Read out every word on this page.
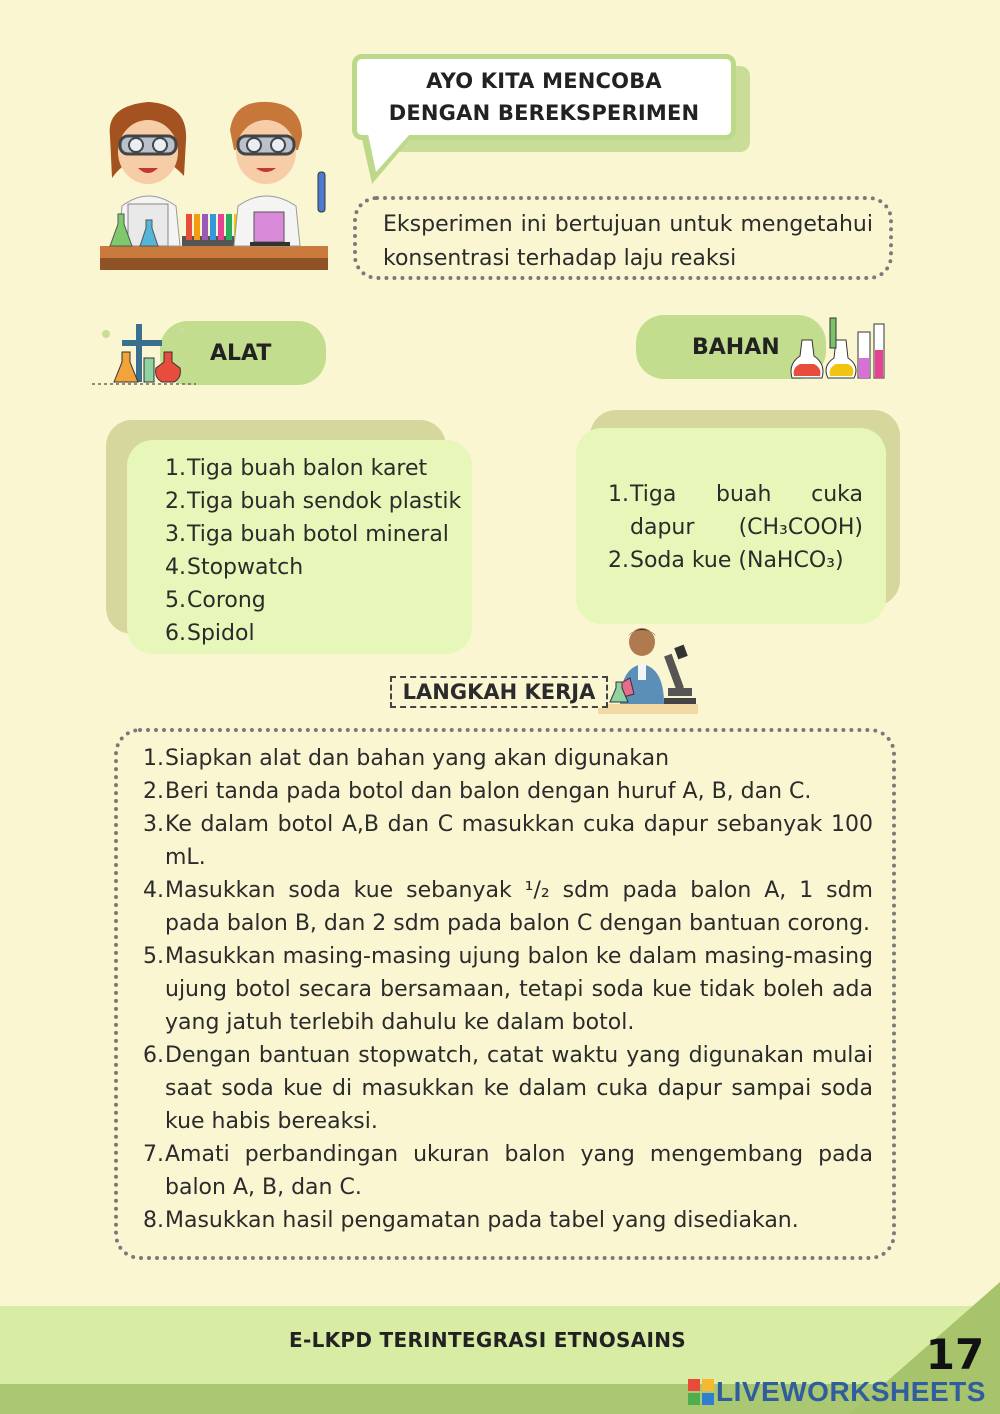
AYO KITA MENCOBA
DENGAN BEREKSPERIMEN
Eksperimen ini bertujuan untuk mengetahui konsentrasi terhadap laju reaksi
ALAT	BAHAN
1. Tiga buah balon karet
2. Tiga buah sendok plastik
3. Tiga buah botol mineral
4. Stopwatch
5. Corong
6. Spidol
1. Tiga buah cuka dapur (CH₃COOH)
2. Soda kue (NaHCO₃)
LANGKAH KERJA
1. Siapkan alat dan bahan yang akan digunakan
2. Beri tanda pada botol dan balon dengan huruf A, B, dan C.
3. Ke dalam botol A,B dan C masukkan cuka dapur sebanyak 100 mL.
4. Masukkan soda kue sebanyak ¹/₂ sdm pada balon A, 1 sdm pada balon B, dan 2 sdm pada balon C dengan bantuan corong.
5. Masukkan masing-masing ujung balon ke dalam masing-masing ujung botol secara bersamaan, tetapi soda kue tidak boleh ada yang jatuh terlebih dahulu ke dalam botol.
6. Dengan bantuan stopwatch, catat waktu yang digunakan mulai saat soda kue di masukkan ke dalam cuka dapur sampai soda kue habis bereaksi.
7. Amati perbandingan ukuran balon yang mengembang pada balon A, B, dan C.
8. Masukkan hasil pengamatan pada tabel yang disediakan.
E-LKPD TERINTEGRASI ETNOSAINS	17
LIVEWORKSHEETS
